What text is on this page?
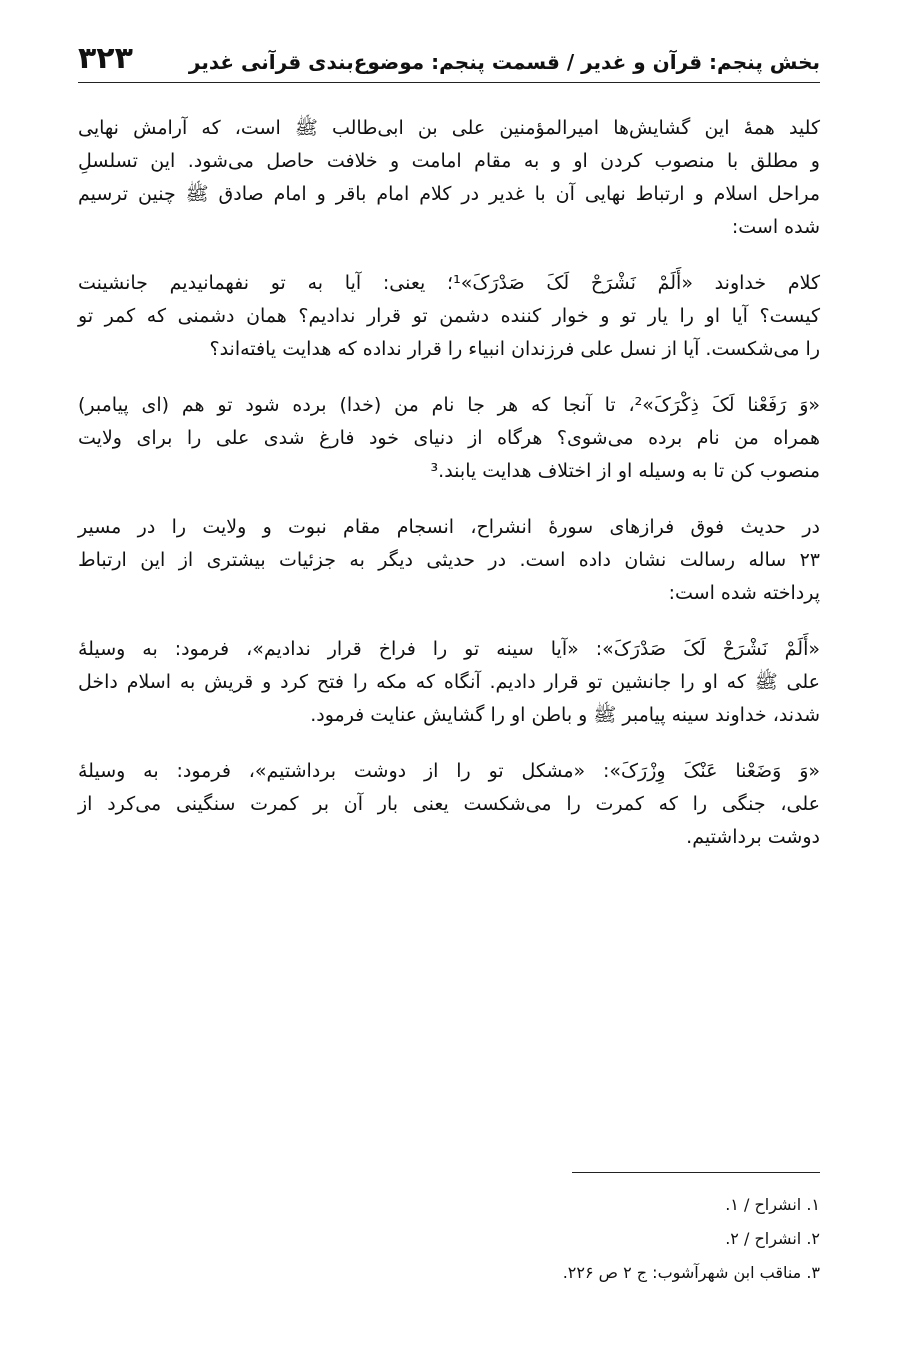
بخش پنجم: قرآن و غدیر / قسمت پنجم: موضوع‌بندی قرآنی غدیر
۳۲۳

کلید همهٔ این گشایش‌ها امیرالمؤمنین علی بن ابی‌طالب ﷺ است، که آرامش نهایی
و مطلق با منصوب کردن او و به مقام امامت و خلافت حاصل می‌شود. این تسلسلِ
مراحل اسلام و ارتباط نهایی آن با غدیر در کلام امام باقر و امام صادق ﷺ چنین ترسیم
شده است:

کلام خداوند «أَلَمْ نَشْرَحْ لَکَ صَدْرَکَ»¹؛ یعنی: آیا به تو نفهمانیدیم جانشینت
کیست؟ آیا او را یار تو و خوار کننده دشمن تو قرار ندادیم؟ همان دشمنی که کمر تو
را می‌شکست. آیا از نسل علی فرزندان انبیاء را قرار نداده که هدایت یافته‌اند؟

«وَ رَفَعْنا لَکَ ذِکْرَکَ»²، تا آنجا که هر جا نام من (خدا) برده شود تو هم (ای پیامبر)
همراه من نام برده می‌شوی؟ هرگاه از دنیای خود فارغ شدی علی را برای ولایت
منصوب کن تا به وسیله او از اختلاف هدایت یابند.³

در حدیث فوق فرازهای سورهٔ انشراح، انسجام مقام نبوت و ولایت را در مسیر
۲۳ ساله رسالت نشان داده است. در حدیثی دیگر به جزئیات بیشتری از این ارتباط
پرداخته شده است:

«أَلَمْ نَشْرَحْ لَکَ صَدْرَکَ»: «آیا سینه تو را فراخ قرار ندادیم»، فرمود: به وسیلهٔ
علی ﷺ که او را جانشین تو قرار دادیم. آنگاه که مکه را فتح کرد و قریش به اسلام داخل
شدند، خداوند سینه پیامبر ﷺ و باطن او را گشایش عنایت فرمود.

«وَ وَضَعْنا عَنْکَ وِزْرَکَ»: «مشکل تو را از دوشت برداشتیم»، فرمود: به وسیلهٔ
علی، جنگی را که کمرت را می‌شکست یعنی بار آن بر کمرت سنگینی می‌کرد از
دوشت برداشتیم.

۱. انشراح / ۱.
۲. انشراح / ۲.
۳. مناقب ابن شهرآشوب: ج ۲ ص ۲۲۶.
